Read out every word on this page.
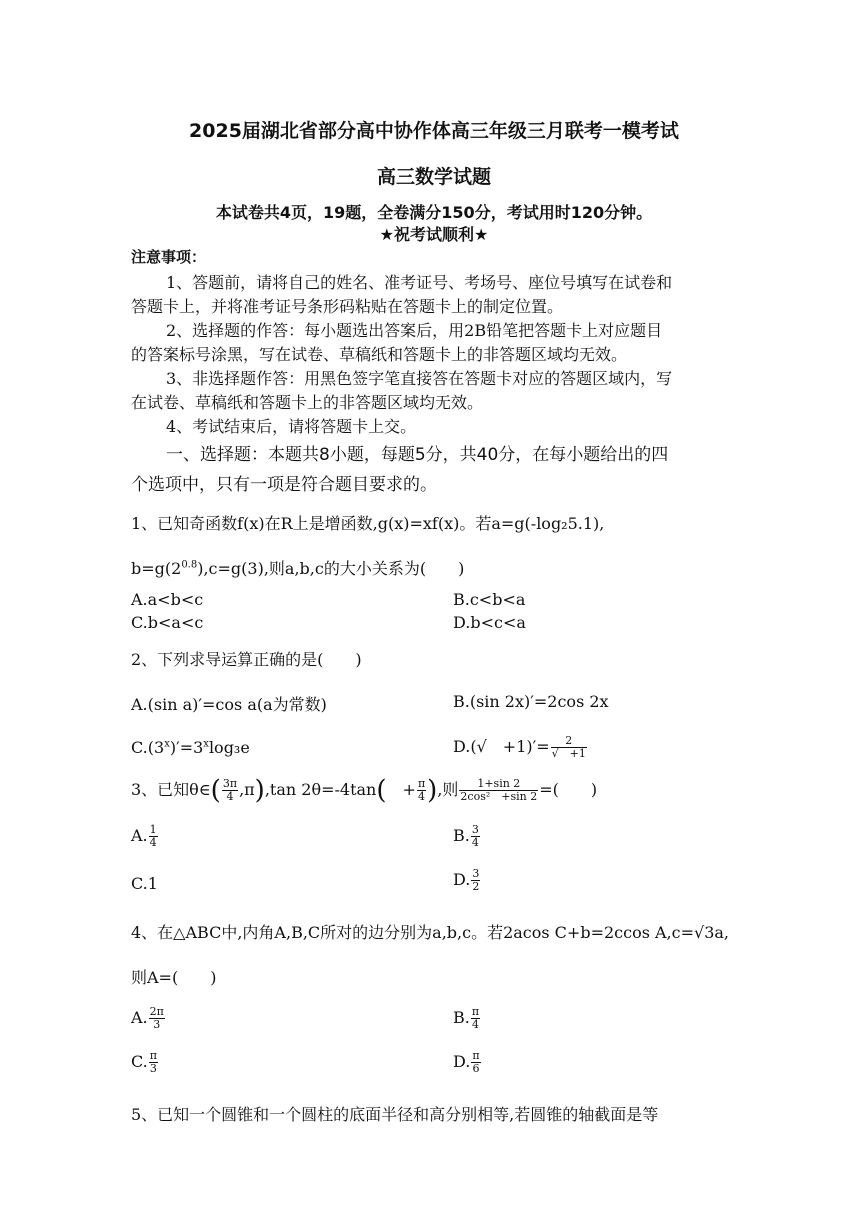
2025届湖北省部分高中协作体高三年级三月联考一模考试
高三数学试题
本试卷共4页，19题，全卷满分150分，考试用时120分钟。
★祝考试顺利★
注意事项：
1、答题前，请将自己的姓名、准考证号、考场号、座位号填写在试卷和
答题卡上，并将准考证号条形码粘贴在答题卡上的制定位置。
2、选择题的作答：每小题选出答案后，用2B铅笔把答题卡上对应题目
的答案标号涂黑，写在试卷、草稿纸和答题卡上的非答题区域均无效。
3、非选择题作答：用黑色签字笔直接答在答题卡对应的答题区域内，写
在试卷、草稿纸和答题卡上的非答题区域均无效。
4、考试结束后，请将答题卡上交。
一、选择题：本题共8小题，每题5分，共40分，在每小题给出的四
个选项中，只有一项是符合题目要求的。
1、已知奇函数f(x)在R上是增函数,g(x)=xf(x)。若a=g(-log₂5.1),
$b=g(2^{0.8}),c=g(3)$,则a,b,c的大小关系为(　　)
A.a<b<c	B.c<b<a
C.b<a<c	D.b<c<a
2、下列求导运算正确的是(　　)
A.(sin a)′=cos a(a为常数)	B.(sin 2x)′=2cos 2x
$C.(3^x)'=3^x\log_3e$	D.(√　$+1)'= \frac{2}{√ +1}$
3、已知θ∈( $\frac{3\pi}{4} ,\pi),\tan$ 2θ=-4tan(　+ $\frac{\pi}{4}$ ),则 $\frac{1+\sin 2}{\text{2cos²　+sin 2}}$ =(　　)
A. $\frac{1}{4}$	B. $\frac{3}{4}$
C.1	D. $\frac{3}{2}$
4、在△ABC中,内角A,B,C所对的边分别为a,b,c。若2acos C+b=2ccos A,c=√3a,
则A=(　　)
A. $\frac{2\pi}{3}$	B. $\frac{\pi}{4}$
C. $\frac{\pi}{3}$	D. $\frac{\pi}{6}$
5、已知一个圆锥和一个圆柱的底面半径和高分别相等,若圆锥的轴截面是等
